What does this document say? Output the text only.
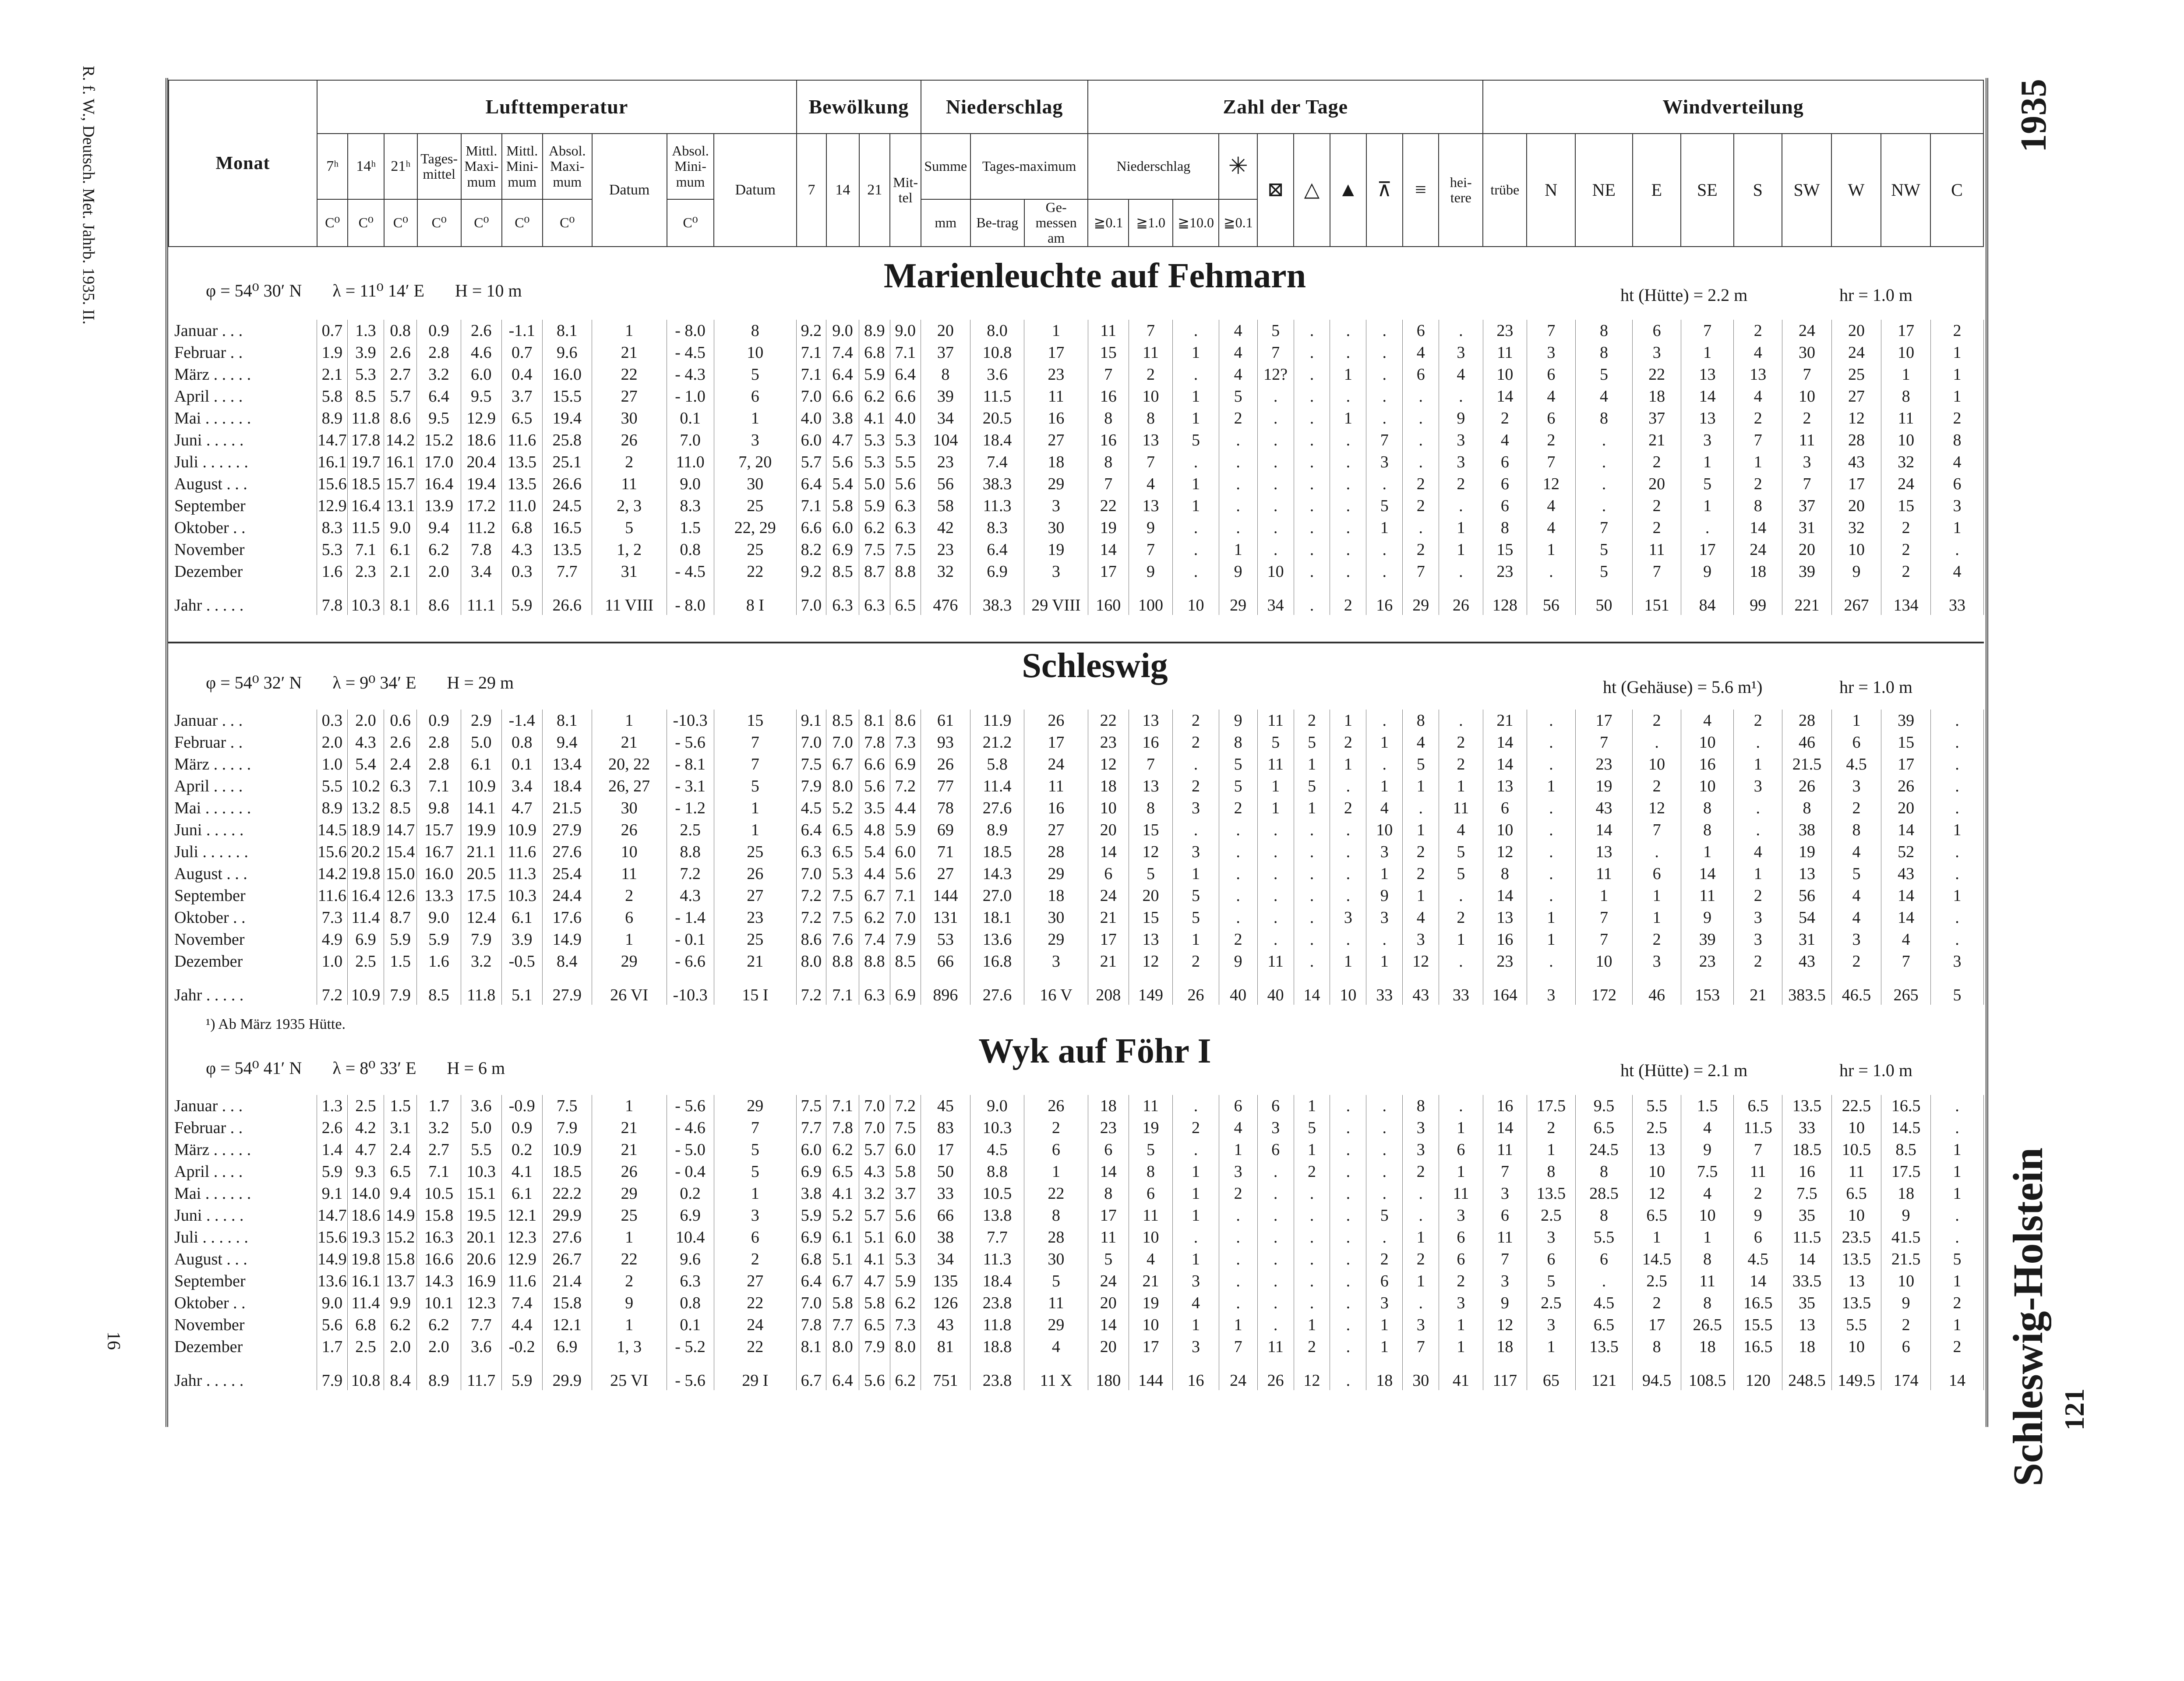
R. f. W., Deutsch. Met. Jahrb. 1935. II.
16
1935
Schleswig-Holstein 121
Monat	Lufttemperatur										Bewölkung				Niederschlag			Zahl der Tage										Windverteilung									
	7ʰ	14ʰ	21ʰ	Tages-mittel	Mittl. Maxi-mum	Mittl. Mini-mum	Absol. Maxi-mum	Datum	Absol. Mini-mum	Datum	7	14	21	Mit-tel	Summe	Tages-maximum		Niederschlag			✳	⊠	△	▲	⊼	≡	hei-tere	trübe	N	NE	E	SE	S	SW	W	NW	C
	C⁰	C⁰	C⁰	C⁰	C⁰	C⁰	C⁰		C⁰						mm	Be-trag	Ge-messen am	≧0.1	≧1.0	≧10.0	≧0.1																
φ = 54⁰ 30′ N λ = 11⁰ 14′ E H = 10 m	Marienleuchte auf Fehmarn	ht (Hütte) = 2.2 m	hr = 1.0 m
Januar . . .	0.7	1.3	0.8	0.9	2.6	-1.1	8.1	1	- 8.0	8	9.2	9.0	8.9	9.0	20	8.0	1	11	7	.	4	5	.	.	.	6	.	23	7	8	6	7	2	24	20	17	2
Februar . .	1.9	3.9	2.6	2.8	4.6	0.7	9.6	21	- 4.5	10	7.1	7.4	6.8	7.1	37	10.8	17	15	11	1	4	7	.	.	.	4	3	11	3	8	3	1	4	30	24	10	1
März . . . . .	2.1	5.3	2.7	3.2	6.0	0.4	16.0	22	- 4.3	5	7.1	6.4	5.9	6.4	8	3.6	23	7	2	.	4	12?	.	1	.	6	4	10	6	5	22	13	13	7	25	1	1
April . . . .	5.8	8.5	5.7	6.4	9.5	3.7	15.5	27	- 1.0	6	7.0	6.6	6.2	6.6	39	11.5	11	16	10	1	5	.	.	.	.	.	.	14	4	4	18	14	4	10	27	8	1
Mai . . . . . .	8.9	11.8	8.6	9.5	12.9	6.5	19.4	30	0.1	1	4.0	3.8	4.1	4.0	34	20.5	16	8	8	1	2	.	.	1	.	.	9	2	6	8	37	13	2	2	12	11	2
Juni . . . . .	14.7	17.8	14.2	15.2	18.6	11.6	25.8	26	7.0	3	6.0	4.7	5.3	5.3	104	18.4	27	16	13	5	.	.	.	.	7	.	3	4	2	.	21	3	7	11	28	10	8
Juli . . . . . .	16.1	19.7	16.1	17.0	20.4	13.5	25.1	2	11.0	7, 20	5.7	5.6	5.3	5.5	23	7.4	18	8	7	.	.	.	.	.	3	.	3	6	7	.	2	1	1	3	43	32	4
August . . .	15.6	18.5	15.7	16.4	19.4	13.5	26.6	11	9.0	30	6.4	5.4	5.0	5.6	56	38.3	29	7	4	1	.	.	.	.	.	2	2	6	12	.	20	5	2	7	17	24	6
September	12.9	16.4	13.1	13.9	17.2	11.0	24.5	2, 3	8.3	25	7.1	5.8	5.9	6.3	58	11.3	3	22	13	1	.	.	.	.	5	2	.	6	4	.	2	1	8	37	20	15	3
Oktober . .	8.3	11.5	9.0	9.4	11.2	6.8	16.5	5	1.5	22, 29	6.6	6.0	6.2	6.3	42	8.3	30	19	9	.	.	.	.	.	1	.	1	8	4	7	2	.	14	31	32	2	1
November	5.3	7.1	6.1	6.2	7.8	4.3	13.5	1, 2	0.8	25	8.2	6.9	7.5	7.5	23	6.4	19	14	7	.	1	.	.	.	.	2	1	15	1	5	11	17	24	20	10	2	.
Dezember	1.6	2.3	2.1	2.0	3.4	0.3	7.7	31	- 4.5	22	9.2	8.5	8.7	8.8	32	6.9	3	17	9	.	9	10	.	.	.	7	.	23	.	5	7	9	18	39	9	2	4
Jahr . . . . .	7.8	10.3	8.1	8.6	11.1	5.9	26.6	11 VIII	- 8.0	8 I	7.0	6.3	6.3	6.5	476	38.3	29 VIII	160	100	10	29	34	.	2	16	29	26	128	56	50	151	84	99	221	267	134	33
φ = 54⁰ 32′ N λ = 9⁰ 34′ E H = 29 m	Schleswig
ht (Gehäuse) = 5.6 m¹)	hr = 1.0 m
Januar . . .	0.3	2.0	0.6	0.9	2.9	-1.4	8.1	1	-10.3	15	9.1	8.5	8.1	8.6	61	11.9	26	22	13	2	9	11	2	1	.	8	.	21	.	17	2	4	2	28	1	39	.
Februar . .	2.0	4.3	2.6	2.8	5.0	0.8	9.4	21	- 5.6	7	7.0	7.0	7.8	7.3	93	21.2	17	23	16	2	8	5	5	2	1	4	2	14	.	7	.	10	.	46	6	15	.
März . . . . .	1.0	5.4	2.4	2.8	6.1	0.1	13.4	20, 22	- 8.1	7	7.5	6.7	6.6	6.9	26	5.8	24	12	7	.	5	11	1	1	.	5	2	14	.	23	10	16	1	21.5	4.5	17	.
April . . . .	5.5	10.2	6.3	7.1	10.9	3.4	18.4	26, 27	- 3.1	5	7.9	8.0	5.6	7.2	77	11.4	11	18	13	2	5	1	5	.	1	1	1	13	1	19	2	10	3	26	3	26	.
Mai . . . . . .	8.9	13.2	8.5	9.8	14.1	4.7	21.5	30	- 1.2	1	4.5	5.2	3.5	4.4	78	27.6	16	10	8	3	2	1	1	2	4	.	11	6	.	43	12	8	.	8	2	20	.
Juni . . . . .	14.5	18.9	14.7	15.7	19.9	10.9	27.9	26	2.5	1	6.4	6.5	4.8	5.9	69	8.9	27	20	15	.	.	.	.	.	10	1	4	10	.	14	7	8	.	38	8	14	1
Juli . . . . . .	15.6	20.2	15.4	16.7	21.1	11.6	27.6	10	8.8	25	6.3	6.5	5.4	6.0	71	18.5	28	14	12	3	.	.	.	.	3	2	5	12	.	13	.	1	4	19	4	52	.
August . . .	14.2	19.8	15.0	16.0	20.5	11.3	25.4	11	7.2	26	7.0	5.3	4.4	5.6	27	14.3	29	6	5	1	.	.	.	.	1	2	5	8	.	11	6	14	1	13	5	43	.
September	11.6	16.4	12.6	13.3	17.5	10.3	24.4	2	4.3	27	7.2	7.5	6.7	7.1	144	27.0	18	24	20	5	.	.	.	.	9	1	.	14	.	1	1	11	2	56	4	14	1
Oktober . .	7.3	11.4	8.7	9.0	12.4	6.1	17.6	6	- 1.4	23	7.2	7.5	6.2	7.0	131	18.1	30	21	15	5	.	.	.	3	3	4	2	13	1	7	1	9	3	54	4	14	.
November	4.9	6.9	5.9	5.9	7.9	3.9	14.9	1	- 0.1	25	8.6	7.6	7.4	7.9	53	13.6	29	17	13	1	2	.	.	.	.	3	1	16	1	7	2	39	3	31	3	4	.
Dezember	1.0	2.5	1.5	1.6	3.2	-0.5	8.4	29	- 6.6	21	8.0	8.8	8.8	8.5	66	16.8	3	21	12	2	9	11	.	1	1	12	.	23	.	10	3	23	2	43	2	7	3
Jahr . . . . .	7.2	10.9	7.9	8.5	11.8	5.1	27.9	26 VI	-10.3	15 I	7.2	7.1	6.3	6.9	896	27.6	16 V	208	149	26	40	40	14	10	33	43	33	164	3	172	46	153	21	383.5	46.5	265	5
¹) Ab März 1935 Hütte.
φ = 54⁰ 41′ N λ = 8⁰ 33′ E H = 6 m	Wyk auf Föhr I	ht (Hütte) = 2.1 m	hr = 1.0 m
Januar . . .	1.3	2.5	1.5	1.7	3.6	-0.9	7.5	1	- 5.6	29	7.5	7.1	7.0	7.2	45	9.0	26	18	11	.	6	6	1	.	.	8	.	16	17.5	9.5	5.5	1.5	6.5	13.5	22.5	16.5	.
Februar . .	2.6	4.2	3.1	3.2	5.0	0.9	7.9	21	- 4.6	7	7.7	7.8	7.0	7.5	83	10.3	2	23	19	2	4	3	5	.	.	3	1	14	2	6.5	2.5	4	11.5	33	10	14.5	.
März . . . . .	1.4	4.7	2.4	2.7	5.5	0.2	10.9	21	- 5.0	5	6.0	6.2	5.7	6.0	17	4.5	6	6	5	.	1	6	1	.	.	3	6	11	1	24.5	13	9	7	18.5	10.5	8.5	1
April . . . .	5.9	9.3	6.5	7.1	10.3	4.1	18.5	26	- 0.4	5	6.9	6.5	4.3	5.8	50	8.8	1	14	8	1	3	.	2	.	.	2	1	7	8	8	10	7.5	11	16	11	17.5	1
Mai . . . . . .	9.1	14.0	9.4	10.5	15.1	6.1	22.2	29	0.2	1	3.8	4.1	3.2	3.7	33	10.5	22	8	6	1	2	.	.	.	.	.	11	3	13.5	28.5	12	4	2	7.5	6.5	18	1
Juni . . . . .	14.7	18.6	14.9	15.8	19.5	12.1	29.9	25	6.9	3	5.9	5.2	5.7	5.6	66	13.8	8	17	11	1	.	.	.	.	5	.	3	6	2.5	8	6.5	10	9	35	10	9	.
Juli . . . . . .	15.6	19.3	15.2	16.3	20.1	12.3	27.6	1	10.4	6	6.9	6.1	5.1	6.0	38	7.7	28	11	10	.	.	.	.	.	.	1	6	11	3	5.5	1	1	6	11.5	23.5	41.5	.
August . . .	14.9	19.8	15.8	16.6	20.6	12.9	26.7	22	9.6	2	6.8	5.1	4.1	5.3	34	11.3	30	5	4	1	.	.	.	.	2	2	6	7	6	6	14.5	8	4.5	14	13.5	21.5	5
September	13.6	16.1	13.7	14.3	16.9	11.6	21.4	2	6.3	27	6.4	6.7	4.7	5.9	135	18.4	5	24	21	3	.	.	.	.	6	1	2	3	5	.	2.5	11	14	33.5	13	10	1
Oktober . .	9.0	11.4	9.9	10.1	12.3	7.4	15.8	9	0.8	22	7.0	5.8	5.8	6.2	126	23.8	11	20	19	4	.	.	.	.	3	.	3	9	2.5	4.5	2	8	16.5	35	13.5	9	2
November	5.6	6.8	6.2	6.2	7.7	4.4	12.1	1	0.1	24	7.8	7.7	6.5	7.3	43	11.8	29	14	10	1	1	.	1	.	1	3	1	12	3	6.5	17	26.5	15.5	13	5.5	2	1
Dezember	1.7	2.5	2.0	2.0	3.6	-0.2	6.9	1, 3	- 5.2	22	8.1	8.0	7.9	8.0	81	18.8	4	20	17	3	7	11	2	.	1	7	1	18	1	13.5	8	18	16.5	18	10	6	2
Jahr . . . . .	7.9	10.8	8.4	8.9	11.7	5.9	29.9	25 VI	- 5.6	29 I	6.7	6.4	5.6	6.2	751	23.8	11 X	180	144	16	24	26	12	.	18	30	41	117	65	121	94.5	108.5	120	248.5	149.5	174	14
